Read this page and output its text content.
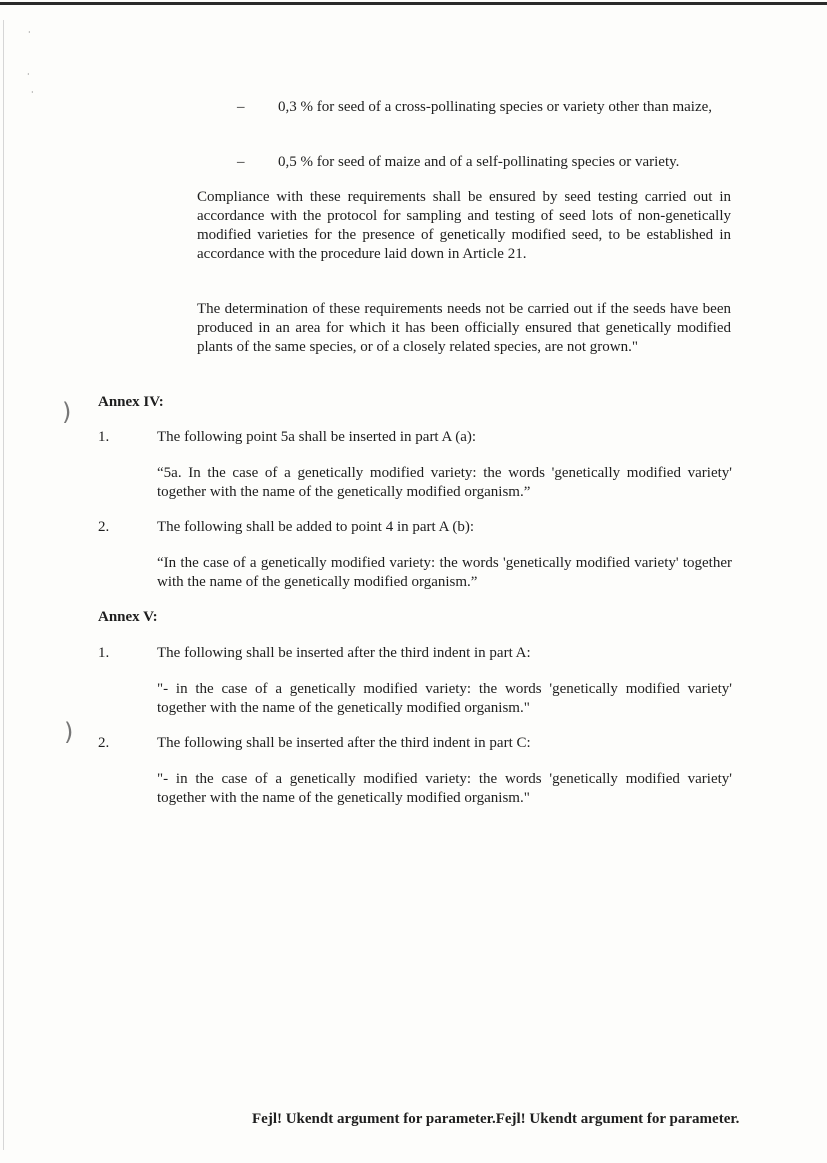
·
·
·
)
)
– 0,3 % for seed of a cross-pollinating species or variety other than maize,
– 0,5 % for seed of maize and of a self-pollinating species or variety.
Compliance with these requirements shall be ensured by seed testing carried out in accordance with the protocol for sampling and testing of seed lots of non-genetically modified varieties for the presence of genetically modified seed, to be established in accordance with the procedure laid down in Article 21.
The determination of these requirements needs not be carried out if the seeds have been produced in an area for which it has been officially ensured that genetically modified plants of the same species, or of a closely related species, are not grown."
Annex IV:
1.	The following point 5a shall be inserted in part A (a):
“5a. In the case of a genetically modified variety: the words 'genetically modified variety' together with the name of the genetically modified organism.”
2.	The following shall be added to point 4 in part A (b):
“In the case of a genetically modified variety: the words 'genetically modified variety' together with the name of the genetically modified organism.”
Annex V:
1.	The following shall be inserted after the third indent in part A:
"- in the case of a genetically modified variety: the words 'genetically modified variety' together with the name of the genetically modified organism."
2.	The following shall be inserted after the third indent in part C:
"- in the case of a genetically modified variety: the words 'genetically modified variety' together with the name of the genetically modified organism."
Fejl! Ukendt argument for parameter.Fejl! Ukendt argument for parameter.
